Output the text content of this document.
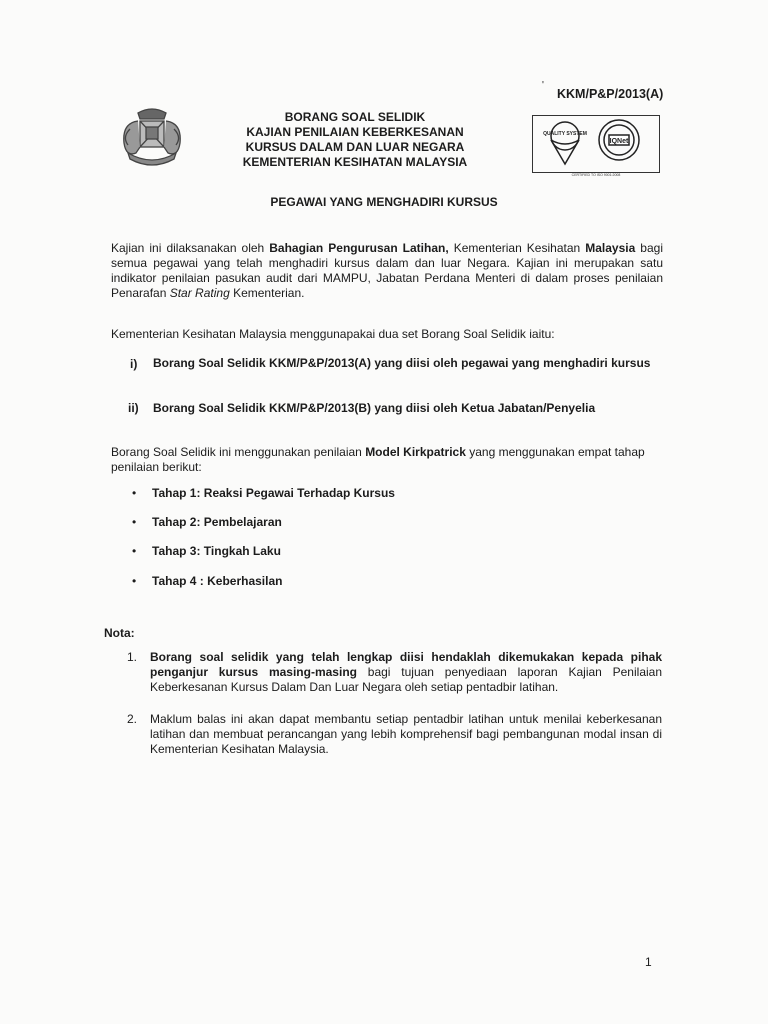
'
KKM/P&P/2013(A)
BORANG SOAL SELIDIK
KAJIAN PENILAIAN KEBERKESANAN
KURSUS DALAM DAN LUAR NEGARA
KEMENTERIAN KESIHATAN MALAYSIA
QUALITY SYSTEM
IQNet
CERTIFIED TO ISO 9001:2008
PEGAWAI YANG MENGHADIRI KURSUS
Kajian ini dilaksanakan oleh Bahagian Pengurusan Latihan, Kementerian Kesihatan Malaysia bagi semua pegawai yang telah menghadiri kursus dalam dan luar Negara. Kajian ini merupakan satu indikator penilaian pasukan audit dari MAMPU, Jabatan Perdana Menteri di dalam proses penilaian Penarafan Star Rating Kementerian.
Kementerian Kesihatan Malaysia menggunapakai dua set Borang Soal Selidik iaitu:
i) Borang Soal Selidik KKM/P&P/2013(A) yang diisi oleh pegawai yang menghadiri kursus
ii) Borang Soal Selidik KKM/P&P/2013(B) yang diisi oleh Ketua Jabatan/Penyelia
Borang Soal Selidik ini menggunakan penilaian Model Kirkpatrick yang menggunakan empat tahap penilaian berikut:
• Tahap 1: Reaksi Pegawai Terhadap Kursus
• Tahap 2: Pembelajaran
• Tahap 3: Tingkah Laku
• Tahap 4 : Keberhasilan
Nota:
1. Borang soal selidik yang telah lengkap diisi hendaklah dikemukakan kepada pihak penganjur kursus masing-masing bagi tujuan penyediaan laporan Kajian Penilaian Keberkesanan Kursus Dalam Dan Luar Negara oleh setiap pentadbir latihan.
2. Maklum balas ini akan dapat membantu setiap pentadbir latihan untuk menilai keberkesanan latihan dan membuat perancangan yang lebih komprehensif bagi pembangunan modal insan di Kementerian Kesihatan Malaysia.
1
